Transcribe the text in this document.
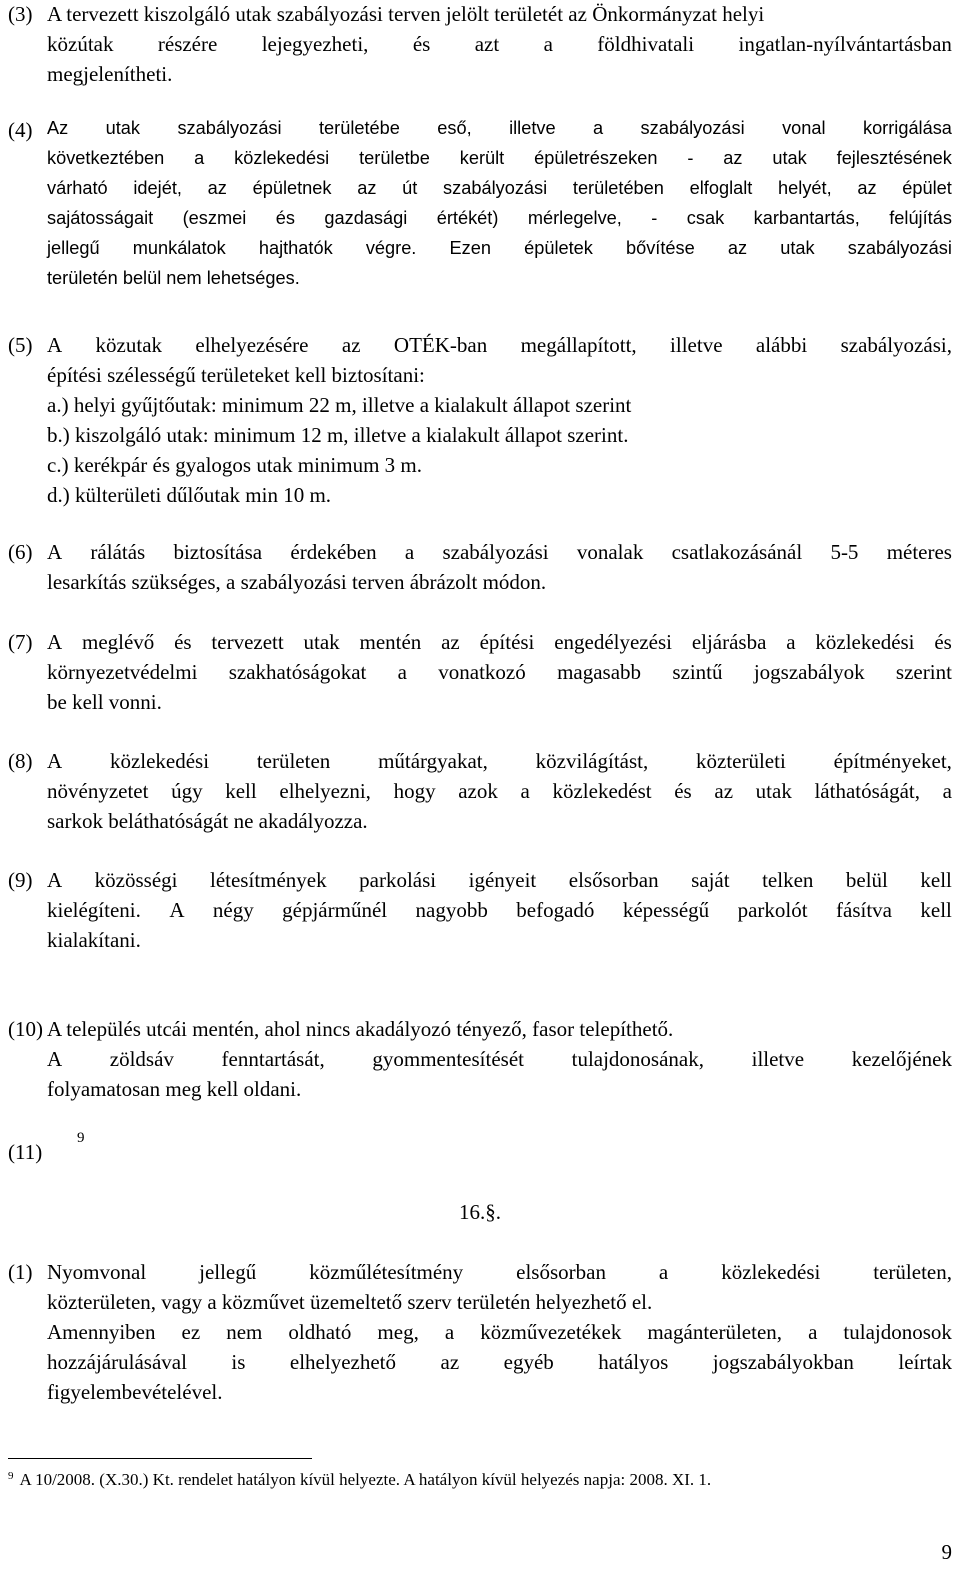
(3) A tervezett kiszolgáló utak szabályozási terven jelölt területét az Önkormányzat helyi
közútak részére lejegyezheti, és azt a földhivatali ingatlan-nyílvántartásban
megjelenítheti.
(4) Az utak szabályozási területébe eső, illetve a szabályozási vonal korrigálása
következtében a közlekedési területbe került épületrészeken - az utak fejlesztésének
várható idejét, az épületnek az út szabályozási területében elfoglalt helyét, az épület
sajátosságait (eszmei és gazdasági értékét) mérlegelve, - csak karbantartás, felújítás
jellegű munkálatok hajthatók végre. Ezen épületek bővítése az utak szabályozási
területén belül nem lehetséges.
(5) A közutak elhelyezésére az OTÉK-ban megállapított, illetve alábbi szabályozási,
építési szélességű területeket kell biztosítani:
a.) helyi gyűjtőutak: minimum 22 m, illetve a kialakult állapot szerint
b.) kiszolgáló utak: minimum 12 m, illetve a kialakult állapot szerint.
c.) kerékpár és gyalogos utak minimum 3 m.
d.) külterületi dűlőutak min 10 m.
(6) A rálátás biztosítása érdekében a szabályozási vonalak csatlakozásánál 5-5 méteres
lesarkítás szükséges, a szabályozási terven ábrázolt módon.
(7) A meglévő és tervezett utak mentén az építési engedélyezési eljárásba a közlekedési és
környezetvédelmi szakhatóságokat a vonatkozó magasabb szintű jogszabályok szerint
be kell vonni.
(8) A közlekedési területen műtárgyakat, közvilágítást, közterületi építményeket,
növényzetet úgy kell elhelyezni, hogy azok a közlekedést és az utak láthatóságát, a
sarkok beláthatóságát ne akadályozza.
(9) A közösségi létesítmények parkolási igényeit elsősorban saját telken belül kell
kielégíteni. A négy gépjárműnél nagyobb befogadó képességű parkolót fásítva kell
kialakítani.
(10) A település utcái mentén, ahol nincs akadályozó tényező, fasor telepíthető.
A zöldsáv fenntartását, gyommentesítését tulajdonosának, illetve kezelőjének
folyamatosan meg kell oldani.
(11)
(1) Nyomvonal	jellegű	közműlétesítmény	elsősorban	a	közlekedési	területen,
közterületen, vagy a közművet üzemeltető szerv területén helyezhető el.
Amennyiben ez nem oldható meg, a közművezetékek magánterületen, a tulajdonosok
hozzájárulásával is elhelyezhető az egyéb hatályos jogszabályokban leírtak
figyelembevételével.
9
16.§.
$^9$ A 10/2008. (X.30.) Kt. rendelet hatályon kívül helyezte. A hatályon kívül helyezés napja: 2008. XI. 1.
9
